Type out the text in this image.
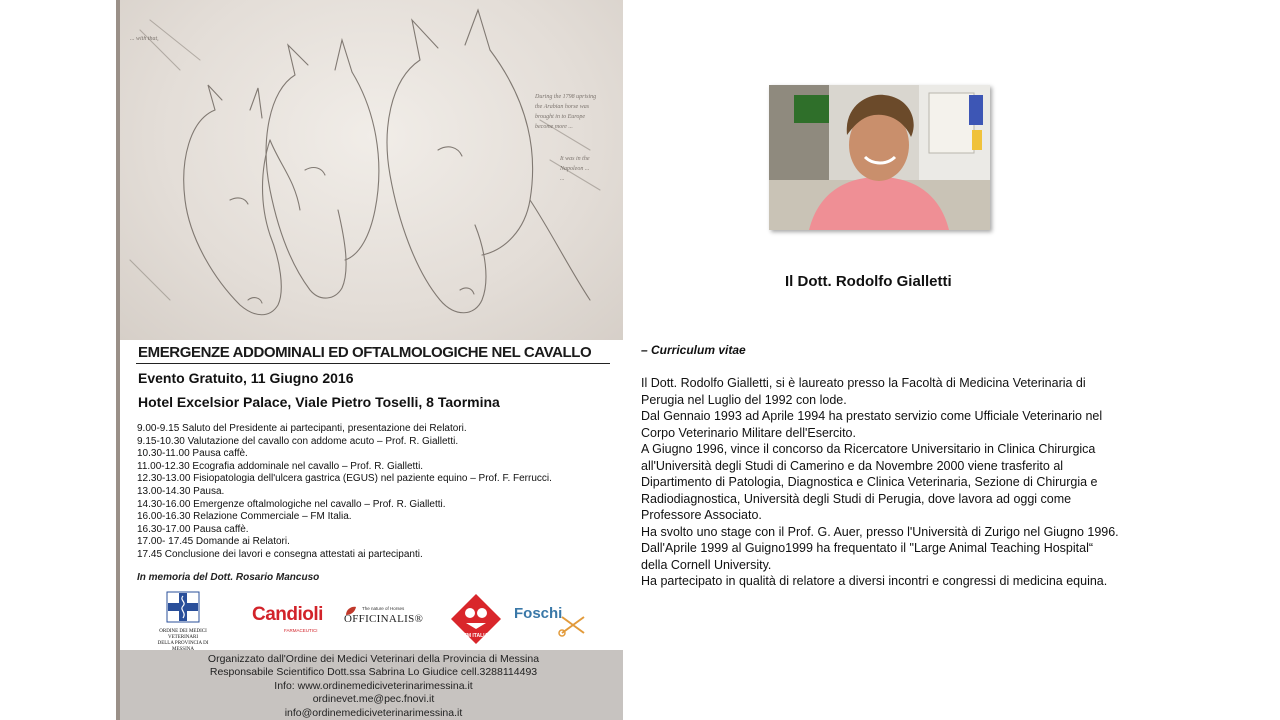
During the 1798 uprising
the Arabian horse was
brought in to Europe
become more ...
It was in the
Napoleon ...
...
... with that,
EMERGENZE ADDOMINALI ED OFTALMOLOGICHE NEL CAVALLO
Evento Gratuito, 11 Giugno 2016
Hotel Excelsior Palace, Viale Pietro Toselli, 8 Taormina
9.00-9.15 Saluto del Presidente ai partecipanti, presentazione dei Relatori.
9.15-10.30 Valutazione del cavallo con addome acuto – Prof. R. Gialletti.
10.30-11.00 Pausa caffè.
11.00-12.30 Ecografia addominale nel cavallo – Prof. R. Gialletti.
12.30-13.00 Fisiopatologia dell'ulcera gastrica (EGUS) nel paziente equino – Prof. F. Ferrucci.
13.00-14.30 Pausa.
14.30-16.00 Emergenze oftalmologiche nel cavallo – Prof. R. Gialletti.
16.00-16.30 Relazione Commerciale – FM Italia.
16.30-17.00 Pausa caffè.
17.00- 17.45 Domande ai Relatori.
17.45 Conclusione dei lavori e consegna attestati ai partecipanti.
In memoria del Dott. Rosario Mancuso
ORDINE DEI MEDICI VETERINARI
DELLA PROVINCIA DI
Candioli
FARMACEUTICI
The nature of Horses
OFFICINALIS®
FM ITALIA
Foschi
Organizzato dall'Ordine dei Medici Veterinari della Provincia di Messina
Responsabile Scientifico Dott.ssa Sabrina Lo Giudice cell.3288114493
Info: www.ordinemediciveterinarimessina.it
ordinevet.me@pec.fnovi.it
info@ordinemediciveterinarimessina.it
Il Dott. Rodolfo Gialletti
– Curriculum vitae
Il Dott. Rodolfo Gialletti, si è laureato presso la Facoltà di Medicina Veterinaria di
Perugia nel Luglio del 1992 con lode.
Dal Gennaio 1993 ad Aprile 1994 ha prestato servizio come Ufficiale Veterinario nel
Corpo Veterinario Militare dell'Esercito.
A Giugno 1996, vince il concorso da Ricercatore Universitario in Clinica Chirurgica
all'Università degli Studi di Camerino e da Novembre 2000 viene trasferito al
Dipartimento di Patologia, Diagnostica e Clinica Veterinaria, Sezione di Chirurgia e
Radiodiagnostica, Università degli Studi di Perugia, dove lavora ad oggi come
Professore Associato.
Ha svolto uno stage con il Prof. G. Auer, presso l'Università di Zurigo nel Giugno 1996.
Dall'Aprile 1999 al Guigno1999 ha frequentato il "Large Animal Teaching Hospital“
della Cornell University.
Ha partecipato in qualità di relatore a diversi incontri e congressi di medicina equina.
